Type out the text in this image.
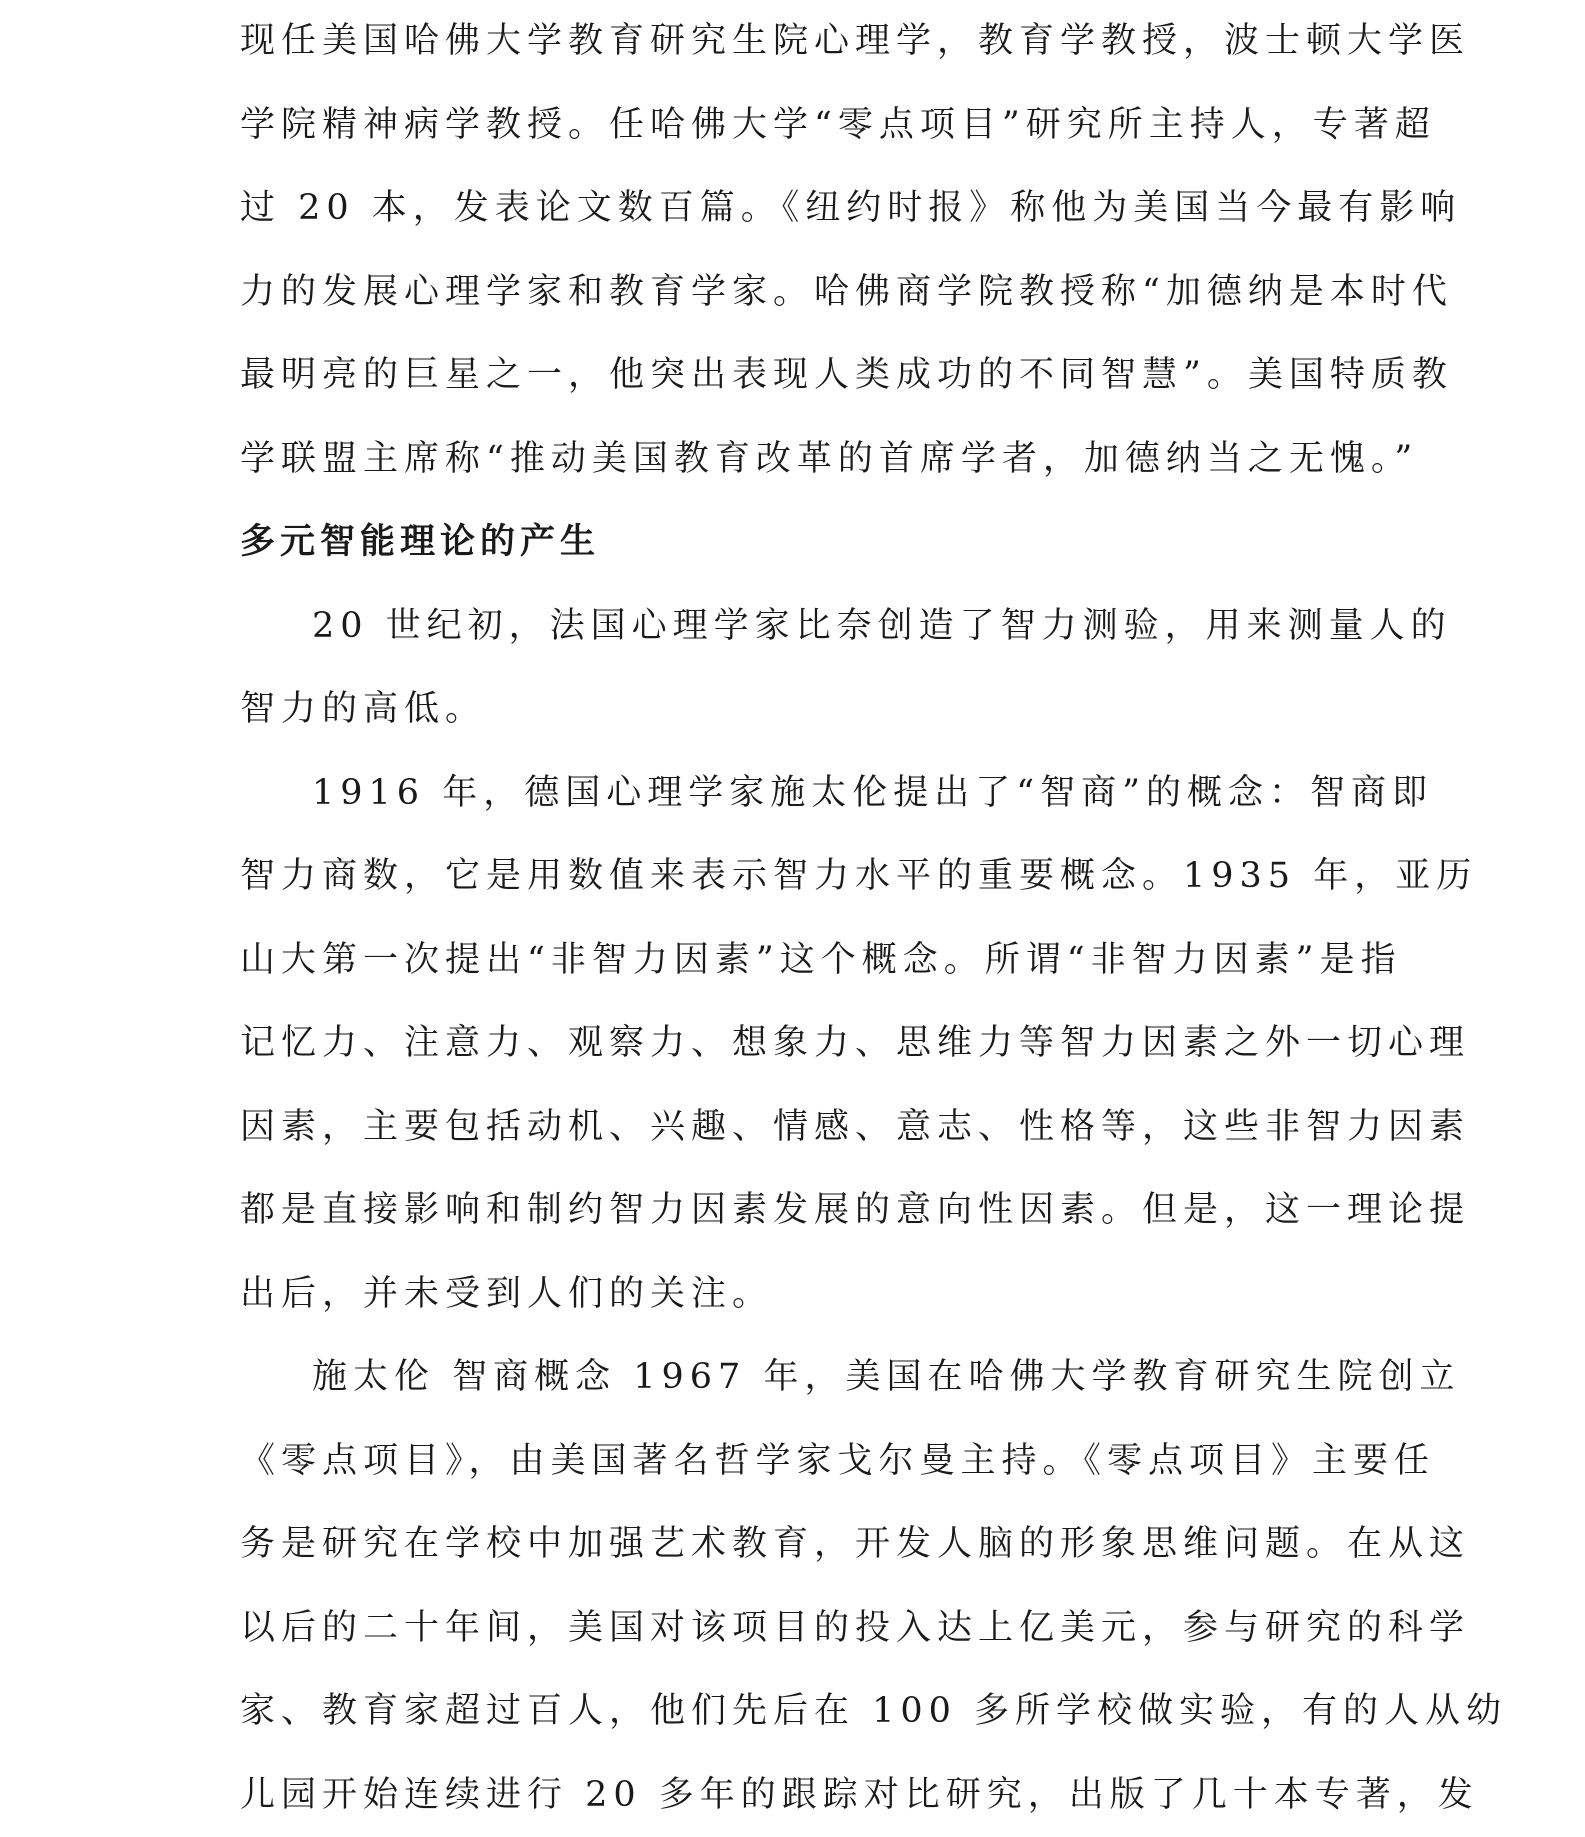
现任美国哈佛大学教育研究生院心理学，教育学教授，波士顿大学医
学院精神病学教授。任哈佛大学“零点项目”研究所主持人，专著超
过 20 本，发表论文数百篇。《纽约时报》称他为美国当今最有影响
力的发展心理学家和教育学家。哈佛商学院教授称“加德纳是本时代
最明亮的巨星之一，他突出表现人类成功的不同智慧”。美国特质教
学联盟主席称“推动美国教育改革的首席学者，加德纳当之无愧。”
多元智能理论的产生
20 世纪初，法国心理学家比奈创造了智力测验，用来测量人的
智力的高低。
1916 年，德国心理学家施太伦提出了“智商”的概念：智商即
智力商数，它是用数值来表示智力水平的重要概念。1935 年，亚历
山大第一次提出“非智力因素”这个概念。所谓“非智力因素”是指
记忆力、注意力、观察力、想象力、思维力等智力因素之外一切心理
因素，主要包括动机、兴趣、情感、意志、性格等，这些非智力因素
都是直接影响和制约智力因素发展的意向性因素。但是，这一理论提
出后，并未受到人们的关注。
施太伦 智商概念 1967 年，美国在哈佛大学教育研究生院创立
《零点项目》，由美国著名哲学家戈尔曼主持。《零点项目》主要任
务是研究在学校中加强艺术教育，开发人脑的形象思维问题。在从这
以后的二十年间，美国对该项目的投入达上亿美元，参与研究的科学
家、教育家超过百人，他们先后在 100 多所学校做实验，有的人从幼
儿园开始连续进行 20 多年的跟踪对比研究，出版了几十本专著，发
